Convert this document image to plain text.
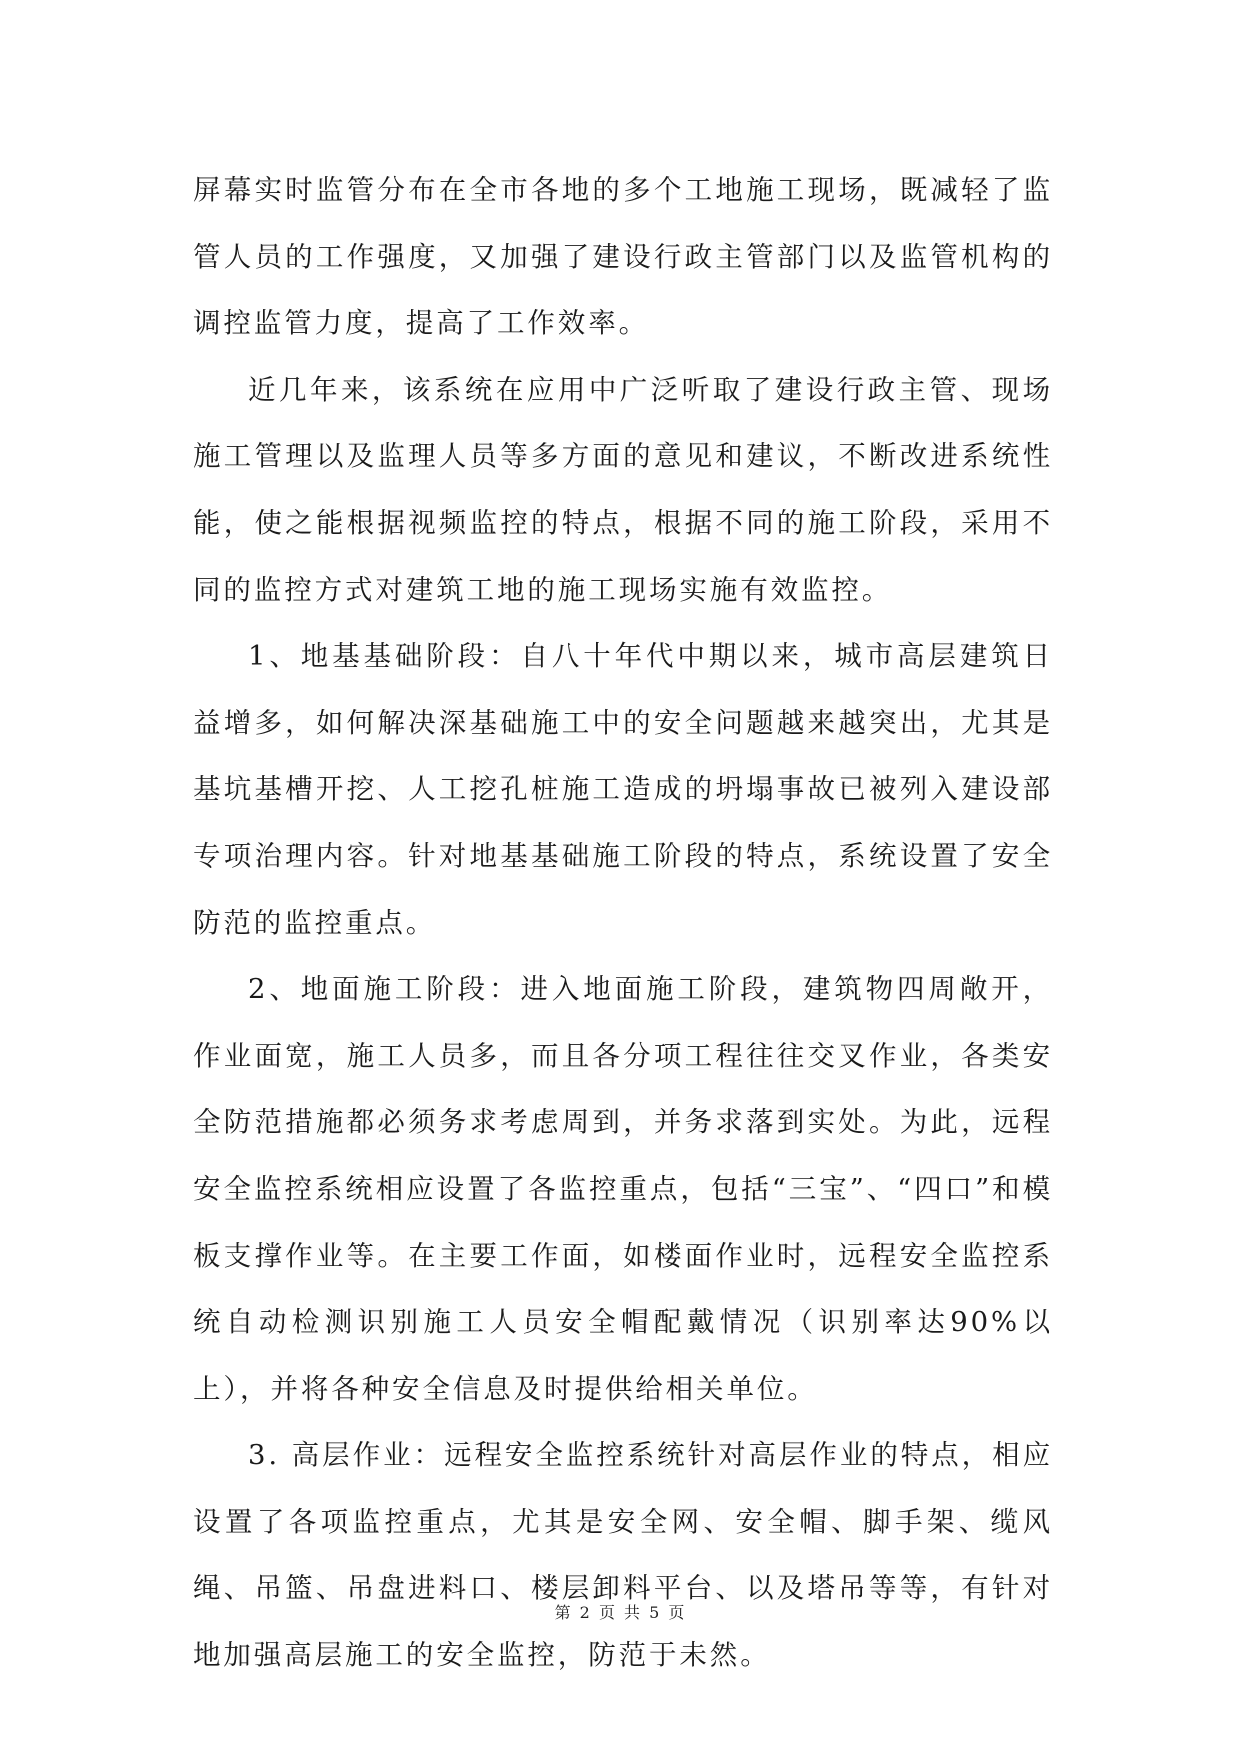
屏幕实时监管分布在全市各地的多个工地施工现场，既减轻了监管人员的工作强度，又加强了建设行政主管部门以及监管机构的调控监管力度，提高了工作效率。

近几年来，该系统在应用中广泛听取了建设行政主管、现场施工管理以及监理人员等多方面的意见和建议，不断改进系统性能，使之能根据视频监控的特点，根据不同的施工阶段，采用不同的监控方式对建筑工地的施工现场实施有效监控。

1、地基基础阶段：自八十年代中期以来，城市高层建筑日益增多，如何解决深基础施工中的安全问题越来越突出，尤其是基坑基槽开挖、人工挖孔桩施工造成的坍塌事故已被列入建设部专项治理内容。针对地基基础施工阶段的特点，系统设置了安全防范的监控重点。

2、地面施工阶段：进入地面施工阶段，建筑物四周敞开，作业面宽，施工人员多，而且各分项工程往往交叉作业，各类安全防范措施都必须务求考虑周到，并务求落到实处。为此，远程安全监控系统相应设置了各监控重点，包括“三宝”、“四口”和模板支撑作业等。在主要工作面，如楼面作业时，远程安全监控系统自动检测识别施工人员安全帽配戴情况（识别率达90%以上），并将各种安全信息及时提供给相关单位。

3. 高层作业：远程安全监控系统针对高层作业的特点，相应设置了各项监控重点，尤其是安全网、安全帽、脚手架、缆风绳、吊篮、吊盘进料口、楼层卸料平台、以及塔吊等等，有针对地加强高层施工的安全监控，防范于未然。

第 2 页 共 5 页
